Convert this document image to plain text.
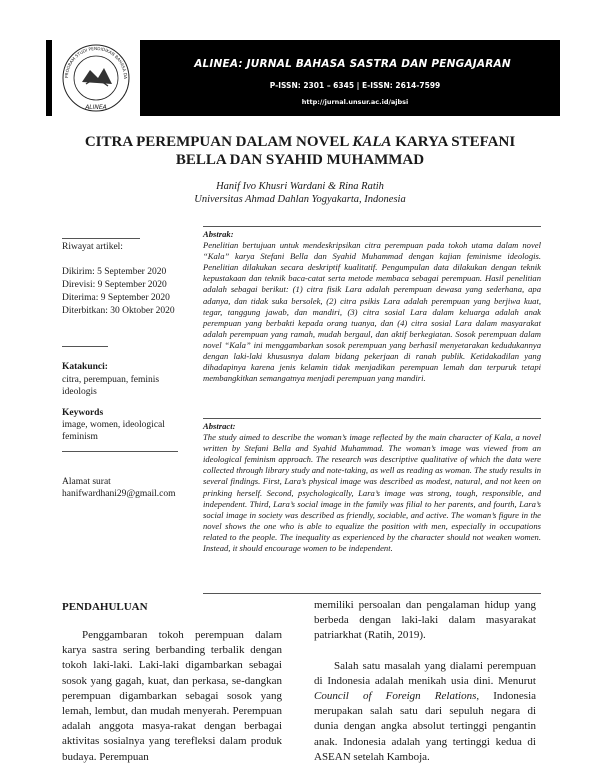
PROGRAM STUDI PENDIDIKAN BAHASA DA
ALINEA
ALINEA: JURNAL BAHASA SASTRA DAN PENGAJARAN
P-ISSN: 2301 – 6345 | E-ISSN: 2614-7599
http://jurnal.unsur.ac.id/ajbsi
CITRA PEREMPUAN DALAM NOVEL KALA KARYA STEFANI
BELLA DAN SYAHID MUHAMMAD
Hanif Ivo Khusri Wardani & Rina Ratih
Universitas Ahmad Dahlan Yogyakarta, Indonesia
Riwayat artikel:
Dikirim: 5 September 2020
Direvisi: 9 September 2020
Diterima: 9 September 2020
Diterbitkan: 30 Oktober 2020
Katakunci:
citra, perempuan, feminis
ideologis
Keywords
image, women, ideological
feminism
Alamat surat
hanifwardhani29@gmail.com
Abstrak:
Penelitian bertujuan untuk mendeskripsikan citra perempuan pada tokoh utama dalam novel “Kala” karya Stefani Bella dan Syahid Muhammad dengan kajian feminisme ideologis. Penelitian dilakukan secara deskriptif kualitatif. Pengumpulan data dilakukan dengan teknik kepustakaan dan teknik baca-catat serta metode membaca sebagai perempuan. Hasil penelitian adalah sebagai berikut: (1) citra fisik Lara adalah perempuan dewasa yang sederhana, apa adanya, dan tidak suka bersolek, (2) citra psikis Lara adalah perempuan yang berjiwa kuat, tegar, tanggung jawab, dan mandiri, (3) citra sosial Lara dalam keluarga adalah anak perempuan yang berbakti kepada orang tuanya, dan (4) citra sosial Lara dalam masyarakat adalah perempuan yang ramah, mudah bergaul, dan aktif berkegiatan. Sosok perempuan dalam novel “Kala” ini menggambarkan sosok perempuan yang berhasil menyetarakan kedudukannya dengan laki-laki khususnya dalam bidang pekerjaan di ranah publik. Ketidakadilan yang dihadapinya karena jenis kelamin tidak menjadikan perempuan lemah dan terpuruk tetapi membangkitkan semangatnya menjadi perempuan yang mandiri.
Abstract:
The study aimed to describe the woman’s image reflected by the main character of Kala, a novel written by Stefani Bella and Syahid Muhammad. The woman’s image was viewed from an ideological feminism approach. The research was descriptive qualitative of which the data were collected through library study and note-taking, as well as reading as woman. The study results in several findings. First, Lara’s physical image was described as modest, natural, and not keen on prinking herself. Second, psychologically, Lara’s image was strong, tough, responsible, and independent. Third, Lara’s social image in the family was filial to her parents, and fourth, Lara’s social image in society was described as friendly, sociable, and active. The woman’s figure in the novel shows the one who is able to equalize the position with men, especially in occupations related to the people. The inequality as experienced by the character should not weaken women. Instead, it should encourage women to be independent.
PENDAHULUAN

Penggambaran tokoh perempuan dalam karya sastra sering berbanding terbalik dengan tokoh laki-laki. Laki-laki digambarkan sebagai sosok yang gagah, kuat, dan perkasa, se-dangkan perempuan digambarkan sebagai sosok yang lemah, lembut, dan mudah menyerah. Perempuan adalah anggota masya-rakat dengan berbagai aktivitas sosialnya yang terefleksi dalam produk budaya. Perempuan

memiliki persoalan dan pengalaman hidup yang berbeda dengan laki-laki dalam masyarakat patriarkhat (Ratih, 2019).

Salah satu masalah yang dialami perempuan di Indonesia adalah menikah usia dini. Menurut Council of Foreign Relations, Indonesia merupakan salah satu dari sepuluh negara di dunia dengan angka absolut tertinggi pengantin anak. Indonesia adalah yang tertinggi kedua di ASEAN setelah Kamboja.
